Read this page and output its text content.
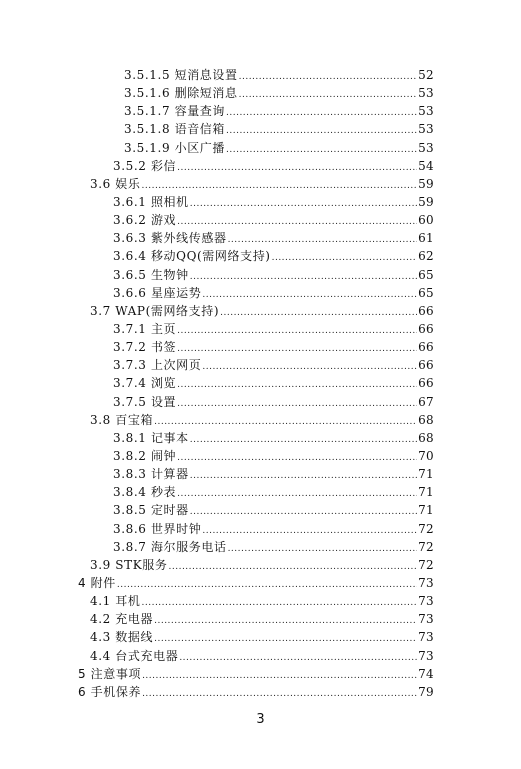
3.5.1.5 短消息设置 .....	52
3.5.1.6 删除短消息 .....	53
3.5.1.7 容量查询 .....	53
3.5.1.8 语音信箱 .....	53
3.5.1.9 小区广播 .....	53
3.5.2 彩信 .....	54
3.6 娱乐 .....	59
3.6.1 照相机 .....	59
3.6.2 游戏 .....	60
3.6.3 紫外线传感器 .....	61
3.6.4 移动QQ(需网络支持) .....	62
3.6.5 生物钟 .....	65
3.6.6 星座运势 .....	65
3.7 WAP(需网络支持) .....	66
3.7.1 主页 .....	66
3.7.2 书签 .....	66
3.7.3 上次网页 .....	66
3.7.4 浏览 .....	66
3.7.5 设置 .....	67
3.8 百宝箱 .....	68
3.8.1 记事本 .....	68
3.8.2 闹钟 .....	70
3.8.3 计算器 .....	71
3.8.4 秒表 .....	71
3.8.5 定时器 .....	71
3.8.6 世界时钟 .....	72
3.8.7 海尔服务电话 .....	72
3.9 STK服务 .....	72
4 附件 .....	73
4.1 耳机 .....	73
4.2 充电器 .....	73
4.3 数据线 .....	73
4.4 台式充电器 .....	73
5 注意事项 .....	74
6 手机保养 .....	79
3
